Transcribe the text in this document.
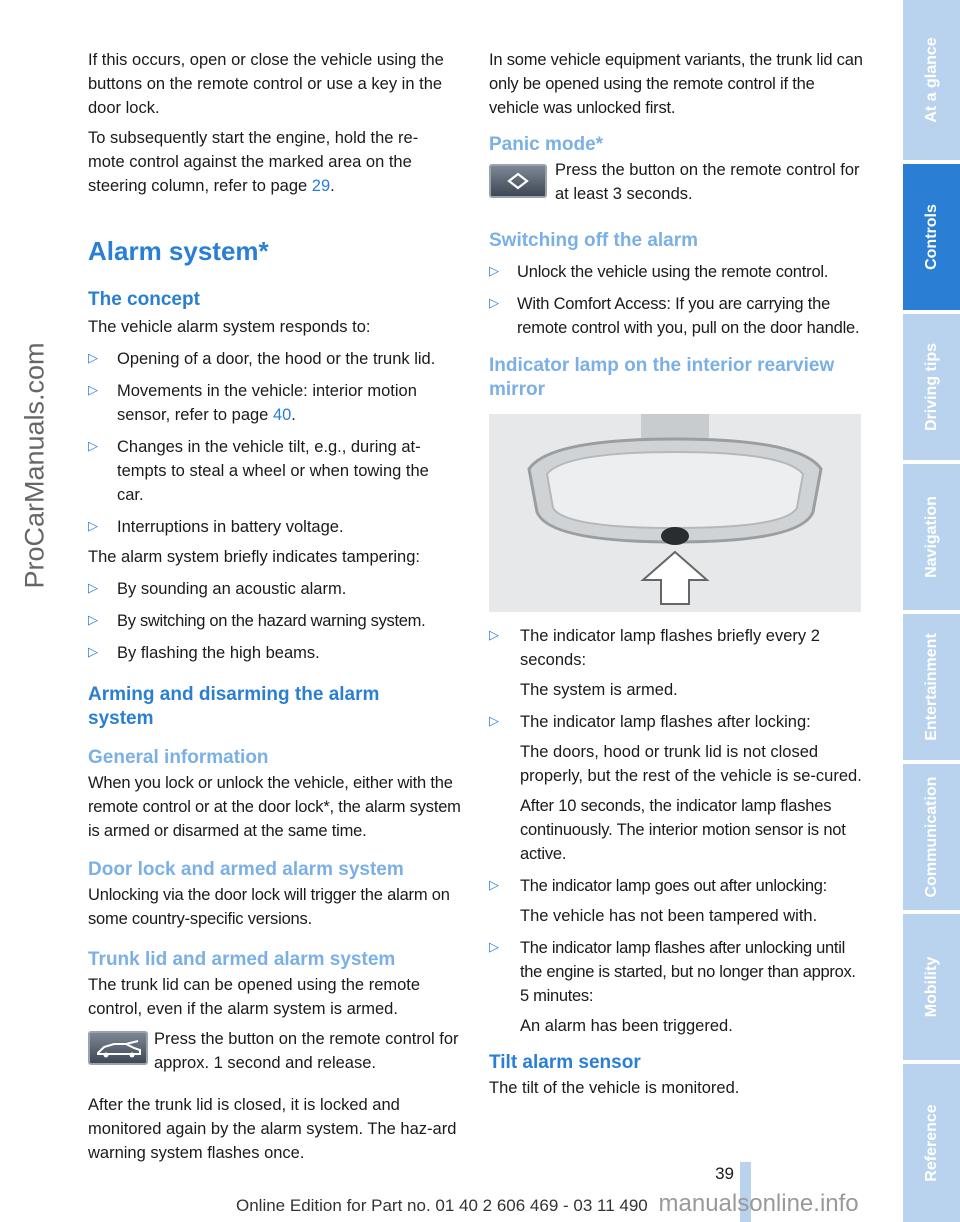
ProCarManuals.com

If this occurs, open or close the vehicle using the buttons on the remote control or use a key in the door lock.

To subsequently start the engine, hold the re-
mote control against the marked area on the
steering column, refer to page 29.

Alarm system*
The concept

The vehicle alarm system responds to:

▷	Opening of a door, the hood or the trunk lid.

▷	Movements in the vehicle: interior motion
sensor, refer to page 40.

▷	Changes in the vehicle tilt, e.g., during at-
tempts to steal a wheel or when towing the
car.

▷	Interruptions in battery voltage.

The alarm system briefly indicates tampering:

▷	By sounding an acoustic alarm.

▷	By switching on the hazard warning system.

▷	By flashing the high beams.

Arming and disarming the alarm system
General information

When you lock or unlock the vehicle, either with the remote control or at the door lock*, the alarm system is armed or disarmed at the same time.

Door lock and armed alarm system

Unlocking via the door lock will trigger the alarm on some country-specific versions.

Trunk lid and armed alarm system

The trunk lid can be opened using the remote control, even if the alarm system is armed.

Press the button on the remote control for approx. 1 second and release.

After the trunk lid is closed, it is locked and monitored again by the alarm system. The haz-ard warning system flashes once.

In some vehicle equipment variants, the trunk lid can only be opened using the remote control if the vehicle was unlocked first.

Panic mode*

Press the button on the remote control for at least 3 seconds.

Switching off the alarm
▷	Unlock the vehicle using the remote control.

▷	With Comfort Access: If you are carrying the remote control with you, pull on the door handle.

Indicator lamp on the interior rearview mirror
▷	The indicator lamp flashes briefly every 2 seconds:

The system is armed.

▷	The indicator lamp flashes after locking:

The doors, hood or trunk lid is not closed properly, but the rest of the vehicle is se-cured.

After 10 seconds, the indicator lamp flashes continuously. The interior motion sensor is not active.

▷	The indicator lamp goes out after unlocking:

The vehicle has not been tampered with.

▷	The indicator lamp flashes after unlocking until the engine is started, but no longer than approx. 5 minutes:

An alarm has been triggered.

Tilt alarm sensor

The tilt of the vehicle is monitored.

At a glance
Controls
Driving tips
Navigation
Entertainment
Communication
Mobility
Reference
39
Online Edition for Part no. 01 40 2 606 469 - 03 11 490 manualsonline.info
